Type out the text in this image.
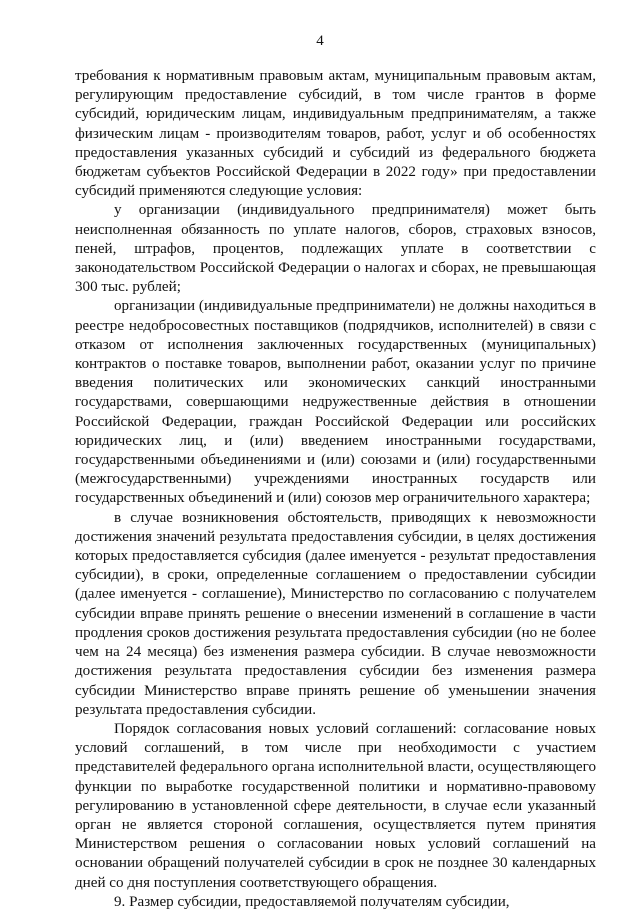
4

требования к нормативным правовым актам, муниципальным правовым актам, регулирующим предоставление субсидий, в том числе грантов в форме субсидий, юридическим лицам, индивидуальным предпринимателям, а также физическим лицам - производителям товаров, работ, услуг и об особенностях предоставления указанных субсидий и субсидий из федерального бюджета бюджетам субъектов Российской Федерации в 2022 году» при предоставлении субсидий применяются следующие условия:

у организации (индивидуального предпринимателя) может быть неисполненная обязанность по уплате налогов, сборов, страховых взносов, пеней, штрафов, процентов, подлежащих уплате в соответствии с законодательством Российской Федерации о налогах и сборах, не превышающая 300 тыс. рублей;

организации (индивидуальные предприниматели) не должны находиться в реестре недобросовестных поставщиков (подрядчиков, исполнителей) в связи с отказом от исполнения заключенных государственных (муниципальных) контрактов о поставке товаров, выполнении работ, оказании услуг по причине введения политических или экономических санкций иностранными государствами, совершающими недружественные действия в отношении Российской Федерации, граждан Российской Федерации или российских юридических лиц, и (или) введением иностранными государствами, государственными объединениями и (или) союзами и (или) государственными (межгосударственными) учреждениями иностранных государств или государственных объединений и (или) союзов мер ограничительного характера;

в случае возникновения обстоятельств, приводящих к невозможности достижения значений результата предоставления субсидии, в целях достижения которых предоставляется субсидия (далее именуется - результат предоставления субсидии), в сроки, определенные соглашением о предоставлении субсидии (далее именуется - соглашение), Министерство по согласованию с получателем субсидии вправе принять решение о внесении изменений в соглашение в части продления сроков достижения результата предоставления субсидии (но не более чем на 24 месяца) без изменения размера субсидии. В случае невозможности достижения результата предоставления субсидии без изменения размера субсидии Министерство вправе принять решение об уменьшении значения результата предоставления субсидии.

Порядок согласования новых условий соглашений: согласование новых условий соглашений, в том числе при необходимости с участием представителей федерального органа исполнительной власти, осуществляющего функции по выработке государственной политики и нормативно-правовому регулированию в установленной сфере деятельности, в случае если указанный орган не является стороной соглашения, осуществляется путем принятия Министерством решения о согласовании новых условий соглашений на основании обращений получателей субсидии в срок не позднее 30 календарных дней со дня поступления соответствующего обращения.

9. Размер субсидии, предоставляемой получателям субсидии,
